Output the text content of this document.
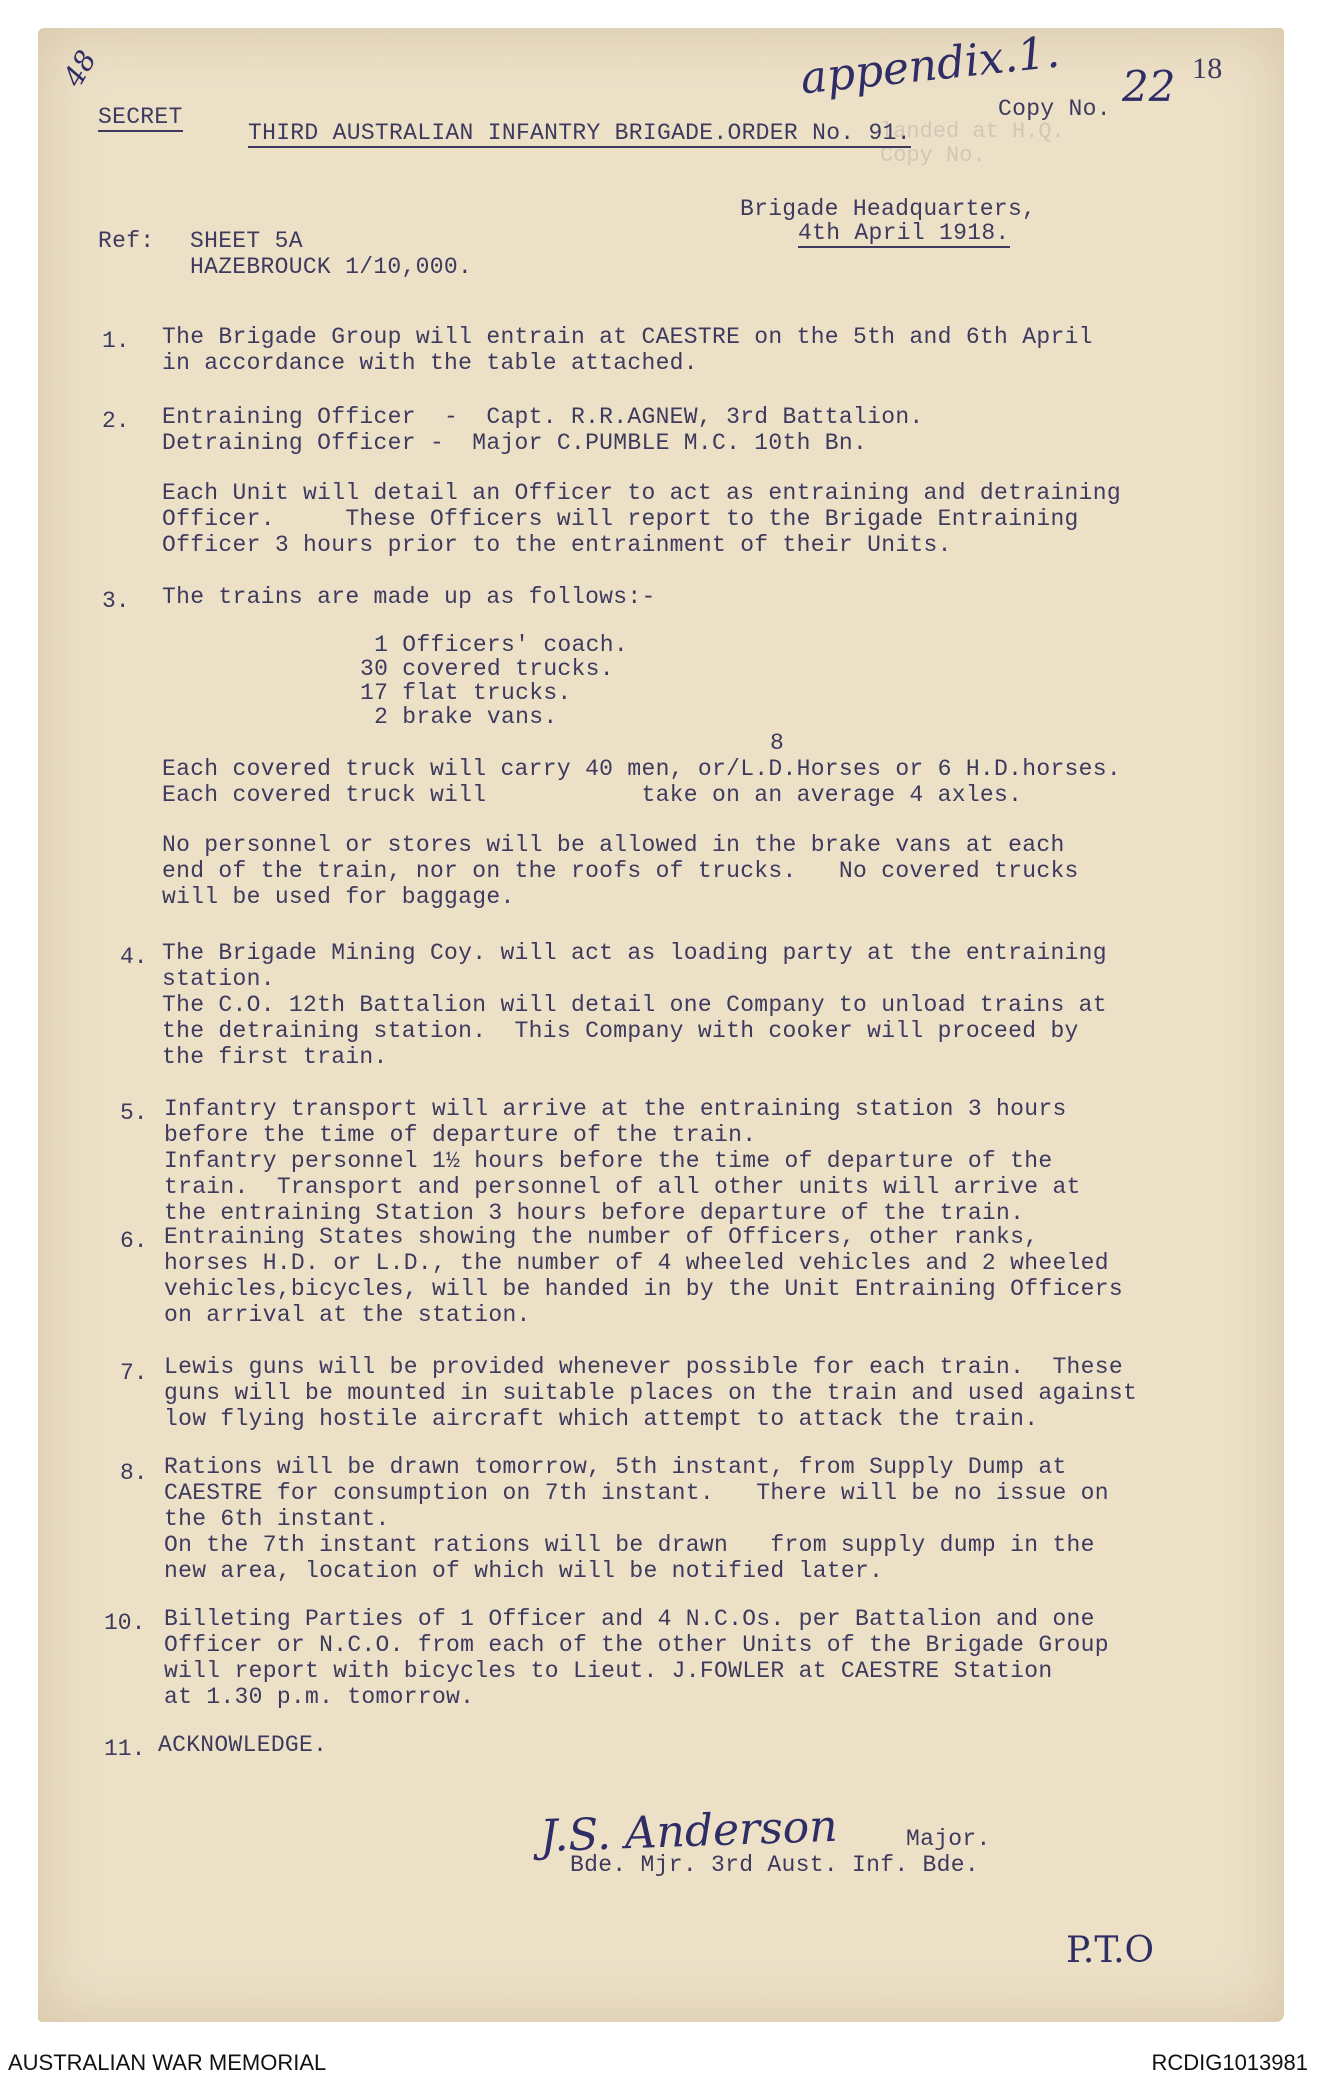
landed at H.Q.
Copy No.

48	appendix.1.
Copy No. 22 18
SECRET
THIRD AUSTRALIAN INFANTRY BRIGADE.ORDER No. 91.
Brigade Headquarters,
4th April 1918.
Ref: SHEET 5A
HAZEBROUCK 1/10,000.
1. The Brigade Group will entrain at CAESTRE on the 5th and 6th April
in accordance with the table attached.
2. Entraining Officer  -  Capt. R.R.AGNEW, 3rd Battalion.
Detraining Officer -  Major C.PUMBLE M.C. 10th Bn.
Each Unit will detail an Officer to act as entraining and detraining
Officer.     These Officers will report to the Brigade Entraining
Officer 3 hours prior to the entrainment of their Units.
3. The trains are made up as follows:-
1 Officers' coach.
30 covered trucks.
17 flat trucks.
2 brake vans.
8
Each covered truck will carry 40 men, or/L.D.Horses or 6 H.D.horses.
Each covered truck will           take on an average 4 axles.
No personnel or stores will be allowed in the brake vans at each
end of the train, nor on the roofs of trucks.   No covered trucks
will be used for baggage.
4. The Brigade Mining Coy. will act as loading party at the entraining
station.
The C.O. 12th Battalion will detail one Company to unload trains at
the detraining station.  This Company with cooker will proceed by
the first train.
5. Infantry transport will arrive at the entraining station 3 hours
before the time of departure of the train.
Infantry personnel 1½ hours before the time of departure of the
train.  Transport and personnel of all other units will arrive at
the entraining Station 3 hours before departure of the train.
6. Entraining States showing the number of Officers, other ranks,
horses H.D. or L.D., the number of 4 wheeled vehicles and 2 wheeled
vehicles,bicycles, will be handed in by the Unit Entraining Officers
on arrival at the station.
7. Lewis guns will be provided whenever possible for each train.  These
guns will be mounted in suitable places on the train and used against
low flying hostile aircraft which attempt to attack the train.
8. Rations will be drawn tomorrow, 5th instant, from Supply Dump at
CAESTRE for consumption on 7th instant.   There will be no issue on
the 6th instant.
On the 7th instant rations will be drawn   from supply dump in the
new area, location of which will be notified later.
10. Billeting Parties of 1 Officer and 4 N.C.Os. per Battalion and one
Officer or N.C.O. from each of the other Units of the Brigade Group
will report with bicycles to Lieut. J.FOWLER at CAESTRE Station
at 1.30 p.m. tomorrow.
11. ACKNOWLEDGE.
J.S. Anderson	Major.
Bde. Mjr. 3rd Aust. Inf. Bde.
P.T.O
AUSTRALIAN WAR MEMORIAL	RCDIG1013981
